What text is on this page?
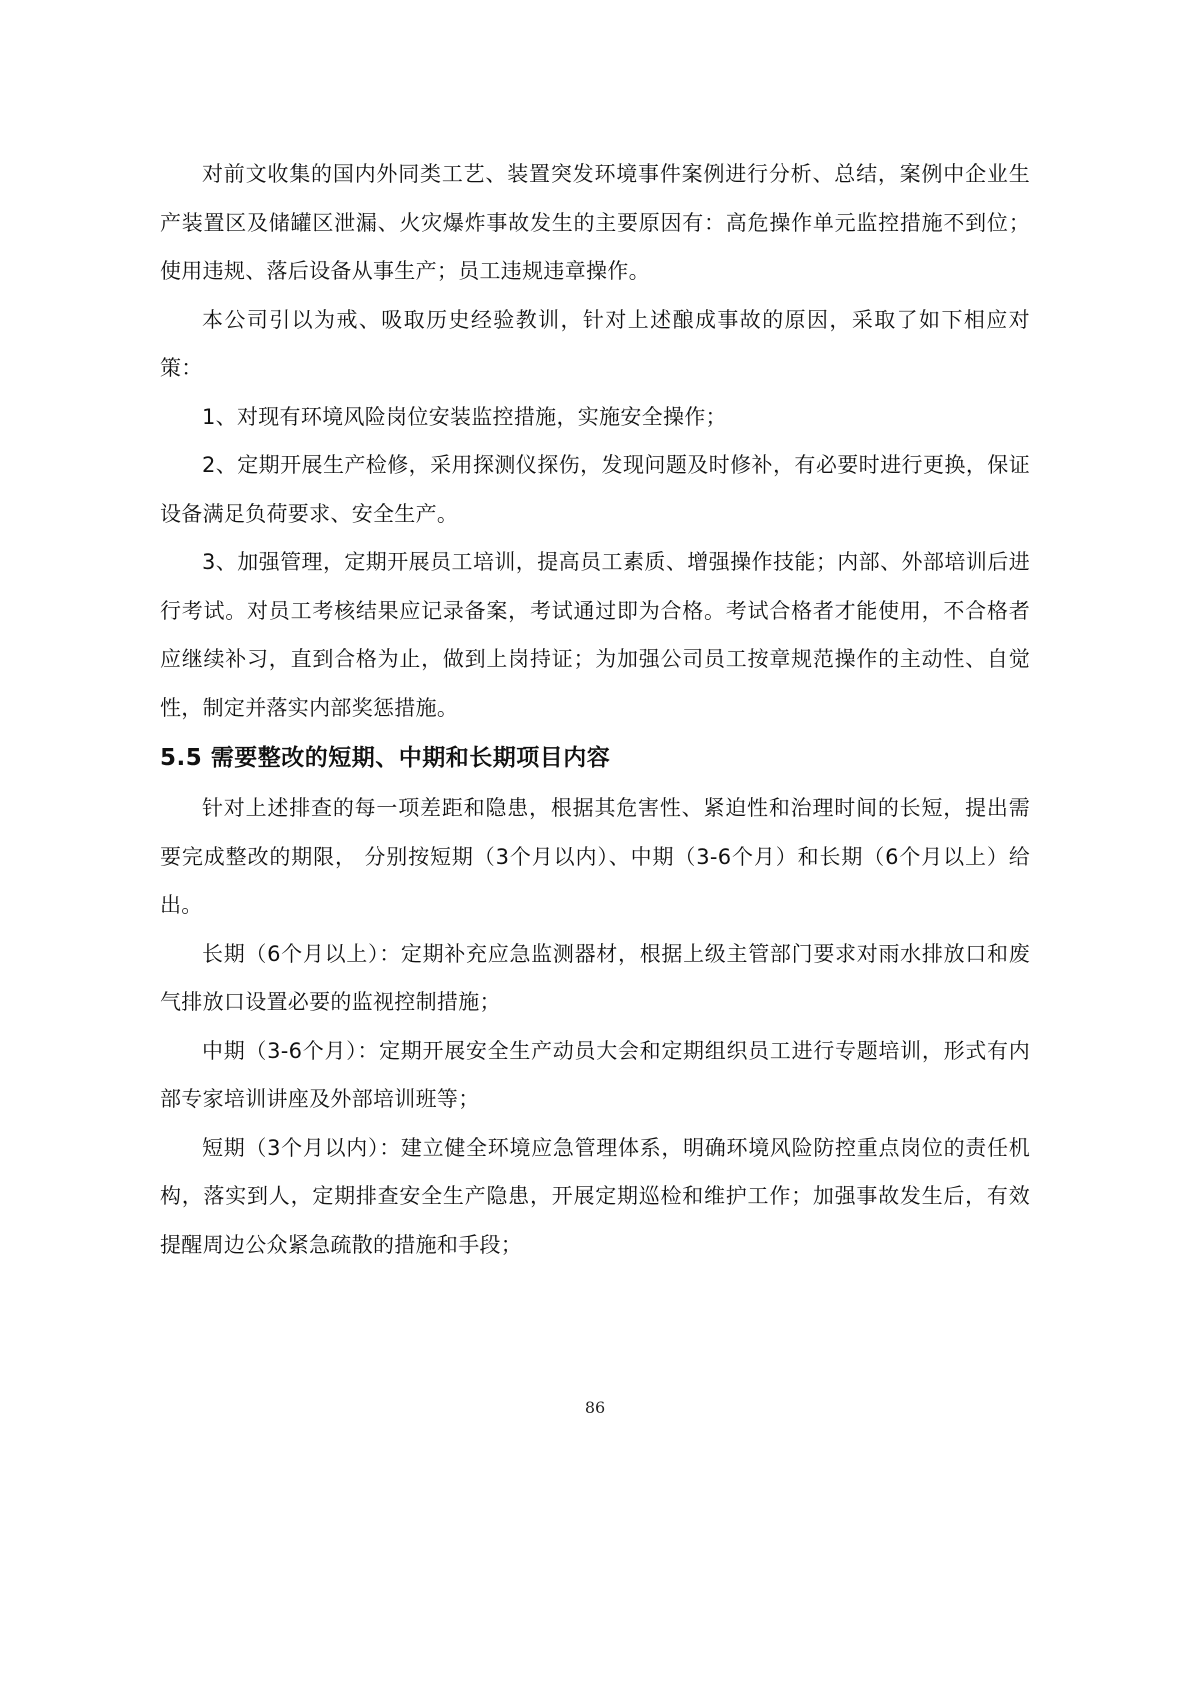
对前文收集的国内外同类工艺、装置突发环境事件案例进行分析、总结，案例中企业生产装置区及储罐区泄漏、火灾爆炸事故发生的主要原因有：高危操作单元监控措施不到位；使用违规、落后设备从事生产；员工违规违章操作。

本公司引以为戒、吸取历史经验教训，针对上述酿成事故的原因，采取了如下相应对策：

1、对现有环境风险岗位安装监控措施，实施安全操作；

2、定期开展生产检修，采用探测仪探伤，发现问题及时修补，有必要时进行更换，保证设备满足负荷要求、安全生产。

3、加强管理，定期开展员工培训，提高员工素质、增强操作技能；内部、外部培训后进行考试。对员工考核结果应记录备案，考试通过即为合格。考试合格者才能使用，不合格者应继续补习，直到合格为止，做到上岗持证；为加强公司员工按章规范操作的主动性、自觉性，制定并落实内部奖惩措施。

5.5 需要整改的短期、中期和长期项目内容

针对上述排查的每一项差距和隐患，根据其危害性、紧迫性和治理时间的长短，提出需要完成整改的期限， 分别按短期（3个月以内）、中期（3-6个月）和长期（6个月以上）给出。

长期（6个月以上）：定期补充应急监测器材，根据上级主管部门要求对雨水排放口和废气排放口设置必要的监视控制措施；

中期（3-6个月）：定期开展安全生产动员大会和定期组织员工进行专题培训，形式有内部专家培训讲座及外部培训班等；

短期（3个月以内）：建立健全环境应急管理体系，明确环境风险防控重点岗位的责任机构，落实到人，定期排查安全生产隐患，开展定期巡检和维护工作；加强事故发生后，有效提醒周边公众紧急疏散的措施和手段；

86
